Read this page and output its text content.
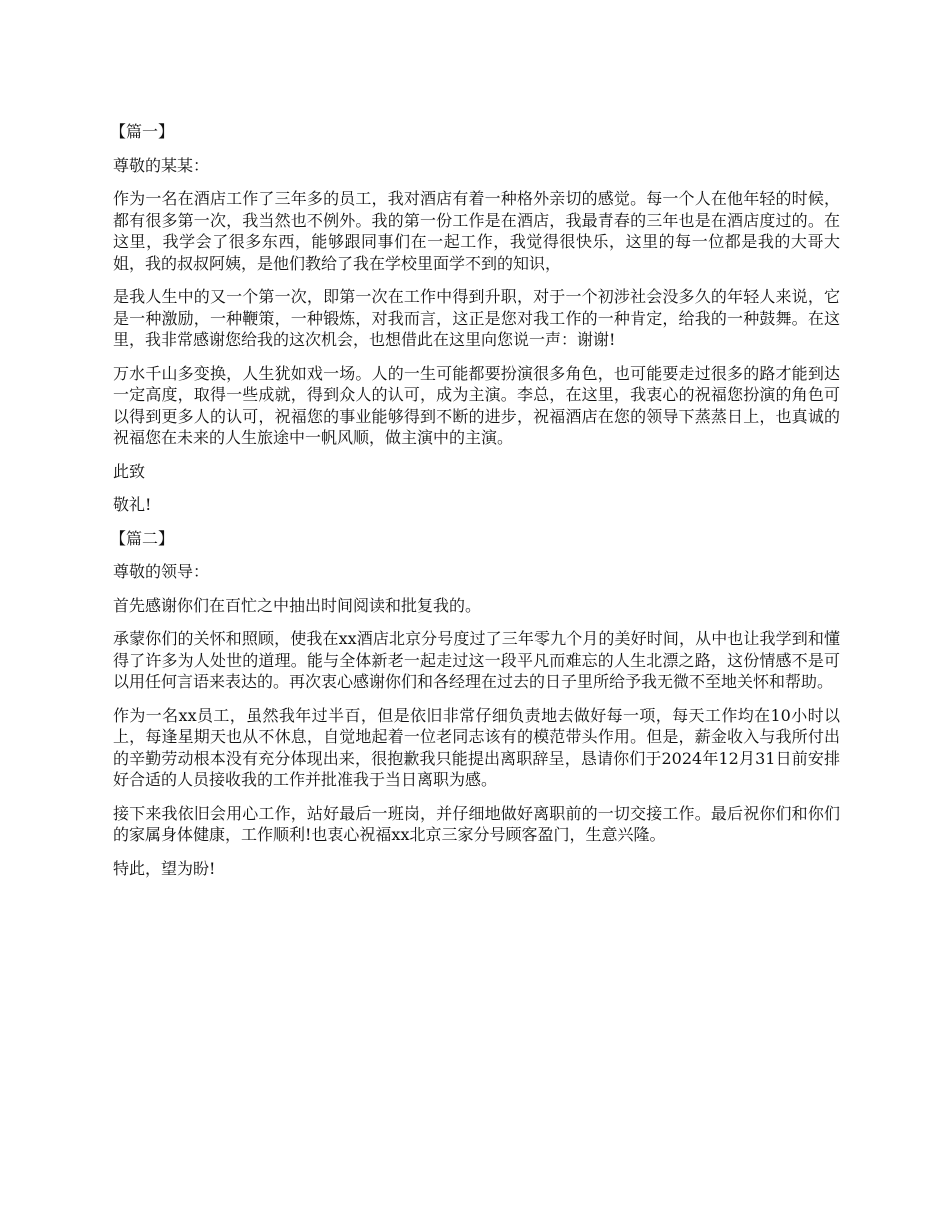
【篇一】

尊敬的某某：

作为一名在酒店工作了三年多的员工，我对酒店有着一种格外亲切的感觉。每一个人在他年轻的时候，都有很多第一次，我当然也不例外。我的第一份工作是在酒店，我最青春的三年也是在酒店度过的。在这里，我学会了很多东西，能够跟同事们在一起工作，我觉得很快乐，这里的每一位都是我的大哥大姐，我的叔叔阿姨，是他们教给了我在学校里面学不到的知识，

是我人生中的又一个第一次，即第一次在工作中得到升职，对于一个初涉社会没多久的年轻人来说，它是一种激励，一种鞭策，一种锻炼，对我而言，这正是您对我工作的一种肯定，给我的一种鼓舞。在这里，我非常感谢您给我的这次机会，也想借此在这里向您说一声：谢谢!

万水千山多变换，人生犹如戏一场。人的一生可能都要扮演很多角色，也可能要走过很多的路才能到达一定高度，取得一些成就，得到众人的认可，成为主演。李总，在这里，我衷心的祝福您扮演的角色可以得到更多人的认可，祝福您的事业能够得到不断的进步，祝福酒店在您的领导下蒸蒸日上，也真诚的祝福您在未来的人生旅途中一帆风顺，做主演中的主演。

此致

敬礼!

【篇二】

尊敬的领导：

首先感谢你们在百忙之中抽出时间阅读和批复我的。

承蒙你们的关怀和照顾，使我在xx酒店北京分号度过了三年零九个月的美好时间，从中也让我学到和懂得了许多为人处世的道理。能与全体新老一起走过这一段平凡而难忘的人生北漂之路，这份情感不是可以用任何言语来表达的。再次衷心感谢你们和各经理在过去的日子里所给予我无微不至地关怀和帮助。

作为一名xx员工，虽然我年过半百，但是依旧非常仔细负责地去做好每一项，每天工作均在10小时以上，每逢星期天也从不休息，自觉地起着一位老同志该有的模范带头作用。但是，薪金收入与我所付出的辛勤劳动根本没有充分体现出来，很抱歉我只能提出离职辞呈，恳请你们于2024年12月31日前安排好合适的人员接收我的工作并批准我于当日离职为感。

接下来我依旧会用心工作，站好最后一班岗，并仔细地做好离职前的一切交接工作。最后祝你们和你们的家属身体健康，工作顺利!也衷心祝福xx北京三家分号顾客盈门，生意兴隆。

特此，望为盼!
